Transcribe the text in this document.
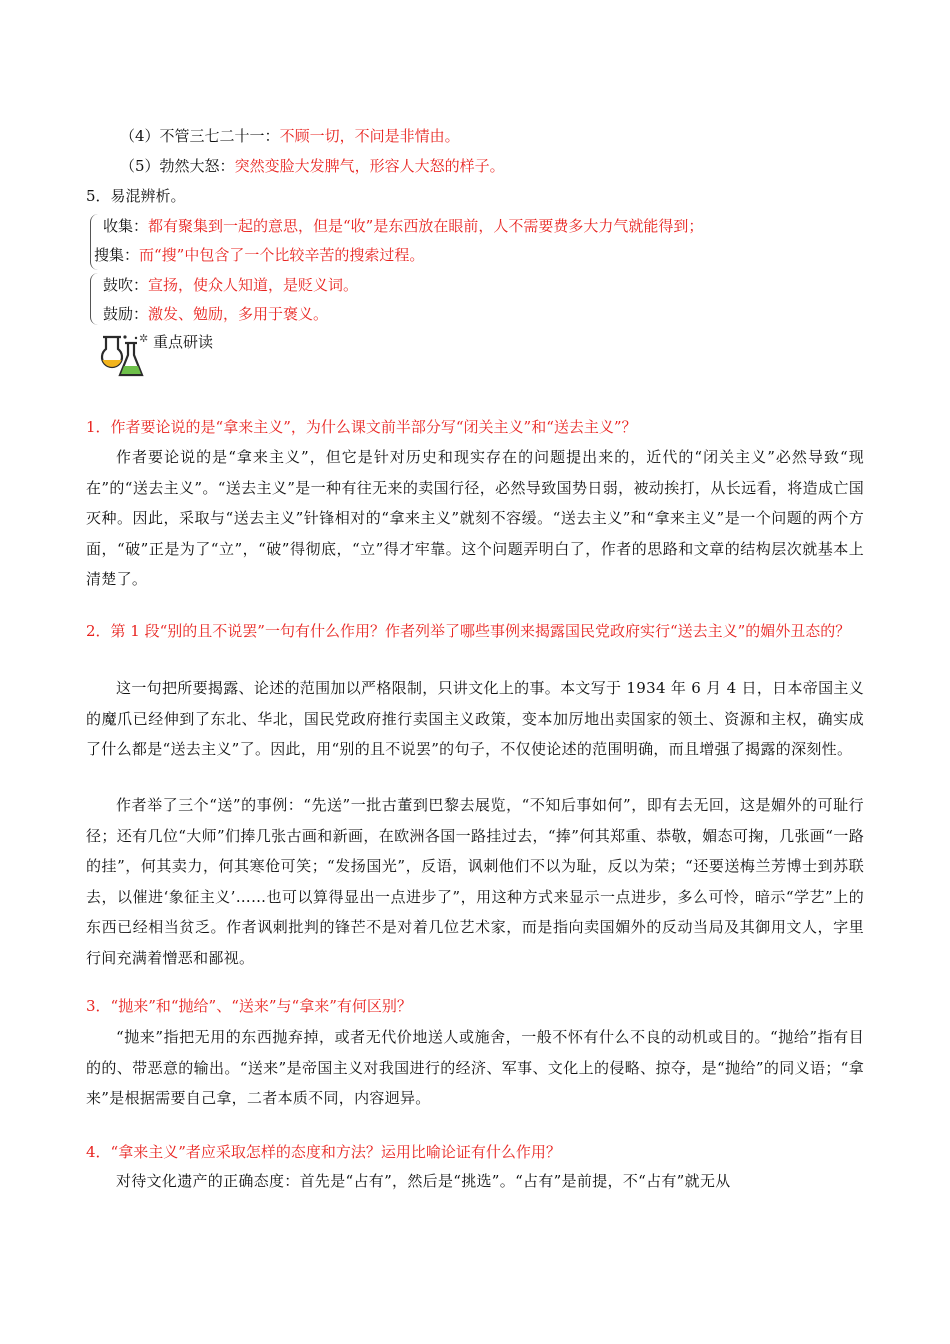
（4）不管三七二十一：不顾一切，不问是非情由。
（5）勃然大怒：突然变脸大发脾气，形容人大怒的样子。
5．易混辨析。
收集：都有聚集到一起的意思，但是“收”是东西放在眼前，人不需要费多大力气就能得到；
搜集：而“搜”中包含了一个比较辛苦的搜索过程。
鼓吹：宣扬，使众人知道，是贬义词。
鼓励：激发、勉励，多用于褒义。
✲ 重点研读
1．作者要论说的是“拿来主义”，为什么课文前半部分写“闭关主义”和“送去主义”？
作者要论说的是“拿来主义”，但它是针对历史和现实存在的问题提出来的，近代的“闭关主义”必然导致“现在”的“送去主义”。“送去主义”是一种有往无来的卖国行径，必然导致国势日弱，被动挨打，从长远看，将造成亡国灭种。因此，采取与“送去主义”针锋相对的“拿来主义”就刻不容缓。“送去主义”和“拿来主义”是一个问题的两个方面，“破”正是为了“立”，“破”得彻底，“立”得才牢靠。这个问题弄明白了，作者的思路和文章的结构层次就基本上清楚了。
2．第 1 段“别的且不说罢”一句有什么作用？作者列举了哪些事例来揭露国民党政府实行“送去主义”的媚外丑态的？
这一句把所要揭露、论述的范围加以严格限制，只讲文化上的事。本文写于 1934 年 6 月 4 日，日本帝国主义的魔爪已经伸到了东北、华北，国民党政府推行卖国主义政策，变本加厉地出卖国家的领土、资源和主权，确实成了什么都是“送去主义”了。因此，用“别的且不说罢”的句子，不仅使论述的范围明确，而且增强了揭露的深刻性。
作者举了三个“送”的事例：“先送”一批古董到巴黎去展览，“不知后事如何”，即有去无回，这是媚外的可耻行径；还有几位“大师”们捧几张古画和新画，在欧洲各国一路挂过去，“捧”何其郑重、恭敬，媚态可掬，几张画“一路的挂”，何其卖力，何其寒伧可笑；“发扬国光”，反语，讽刺他们不以为耻，反以为荣；“还要送梅兰芳博士到苏联去，以催进‘象征主义’……也可以算得显出一点进步了”，用这种方式来显示一点进步，多么可怜，暗示“学艺”上的东西已经相当贫乏。作者讽刺批判的锋芒不是对着几位艺术家，而是指向卖国媚外的反动当局及其御用文人，字里行间充满着憎恶和鄙视。
3．“抛来”和“抛给”、“送来”与“拿来”有何区别？
“抛来”指把无用的东西抛弃掉，或者无代价地送人或施舍，一般不怀有什么不良的动机或目的。“抛给”指有目的的、带恶意的输出。“送来”是帝国主义对我国进行的经济、军事、文化上的侵略、掠夺，是“抛给”的同义语；“拿来”是根据需要自己拿，二者本质不同，内容迥异。
4．“拿来主义”者应采取怎样的态度和方法？运用比喻论证有什么作用？
对待文化遗产的正确态度：首先是“占有”，然后是“挑选”。“占有”是前提，不“占有”就无从
